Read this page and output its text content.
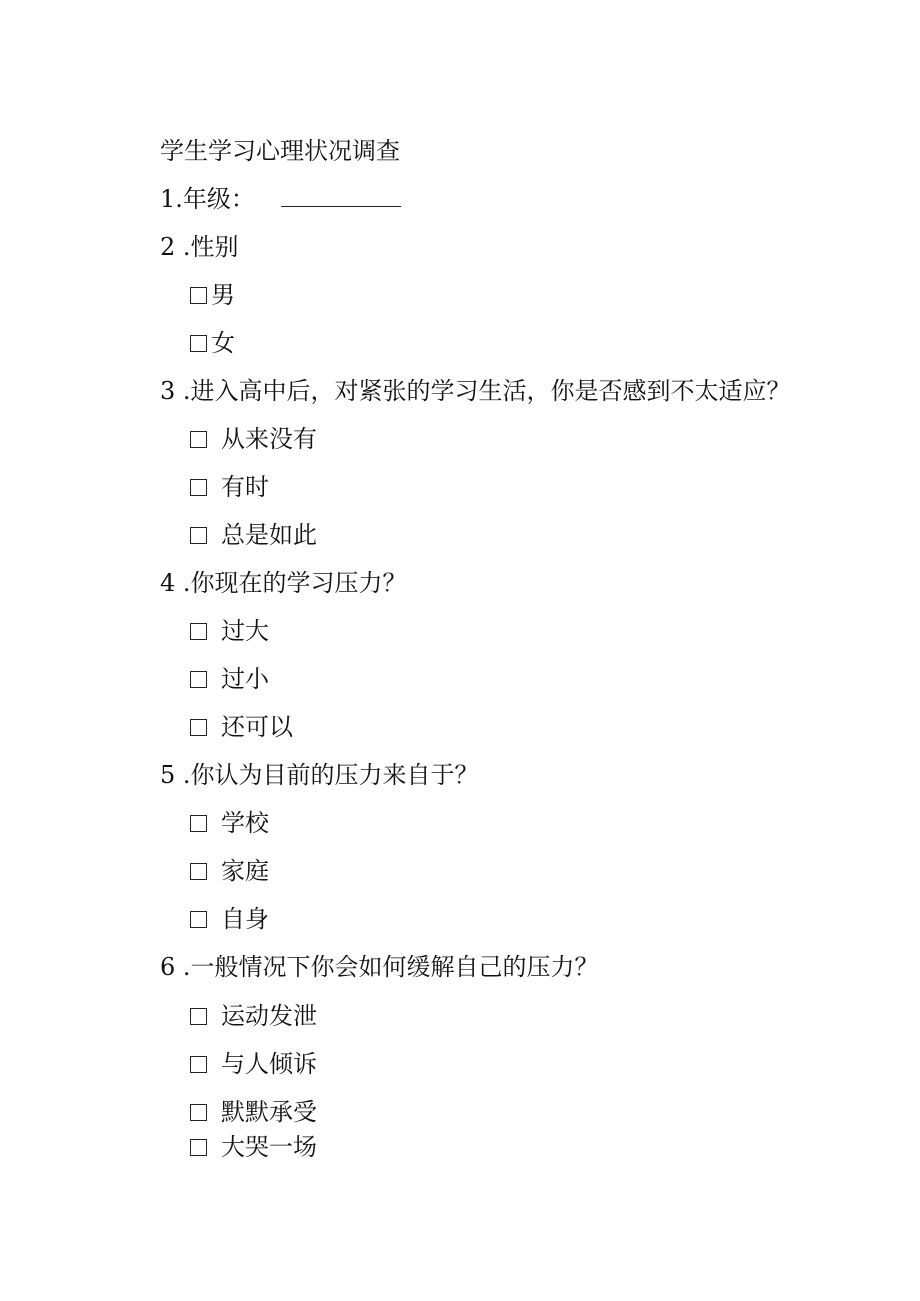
学生学习心理状况调查
1.年级：
2 .性别
男
女
3 .进入高中后，对紧张的学习生活，你是否感到不太适应？
从来没有
有时
总是如此
4 .你现在的学习压力？
过大
过小
还可以
5 .你认为目前的压力来自于？
学校
家庭
自身
6 .一般情况下你会如何缓解自己的压力？
运动发泄
与人倾诉
默默承受
大哭一场
